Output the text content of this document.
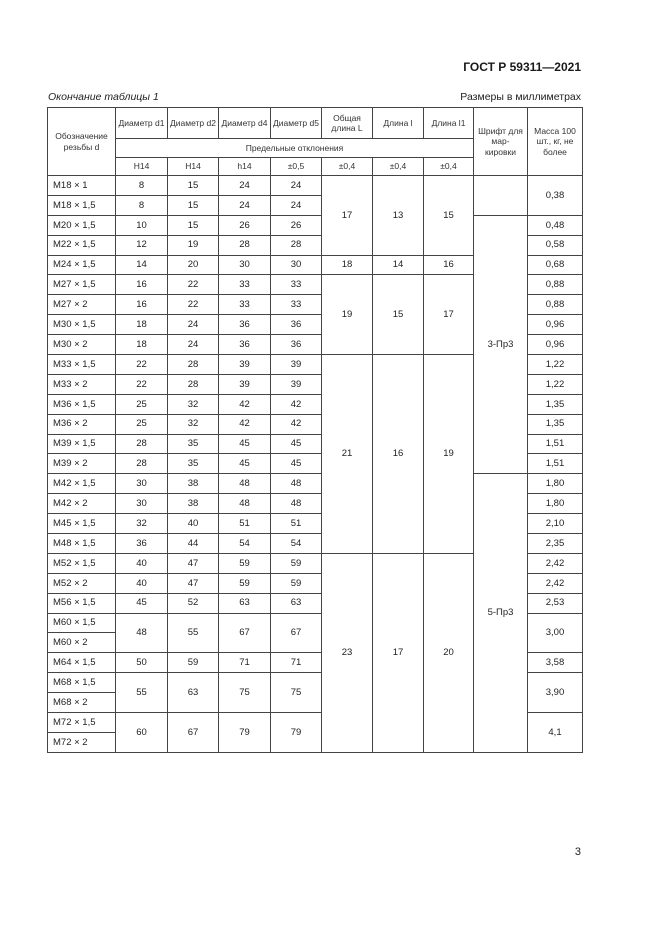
ГОСТ Р 59311—2021
Окончание таблицы 1	Размеры в миллиметрах
Обозначение резьбы d	Диаметр d1	Диаметр d2	Диаметр d4	Диаметр d5	Общая длина L	Длина l	Длина l1	Шрифт для мар-кировки	Масса 100 шт., кг, не более
	Предельные отклонения								
	H14	H14	h14	±0,5	±0,4	±0,4	±0,4		
М18 × 1	8	15	24	24	17	13	15		0,38
М18 × 1,5	8	15	24	24					
М20 × 1,5	10	15	26	26				3-Пр3	0,48
М22 × 1,5	12	19	28	28					0,58
М24 × 1,5	14	20	30	30	18	14	16		0,68
М27 × 1,5	16	22	33	33	19	15	17		0,88
М27 × 2	16	22	33	33					0,88
М30 × 1,5	18	24	36	36					0,96
М30 × 2	18	24	36	36					0,96
М33 × 1,5	22	28	39	39	21	16	19		1,22
М33 × 2	22	28	39	39					1,22
М36 × 1,5	25	32	42	42					1,35
М36 × 2	25	32	42	42					1,35
М39 × 1,5	28	35	45	45					1,51
М39 × 2	28	35	45	45					1,51
М42 × 1,5	30	38	48	48				5-Пр3	1,80
М42 × 2	30	38	48	48					1,80
М45 × 1,5	32	40	51	51					2,10
М48 × 1,5	36	44	54	54					2,35
М52 × 1,5	40	47	59	59	23	17	20		2,42
М52 × 2	40	47	59	59					2,42
М56 × 1,5	45	52	63	63					2,53
М60 × 1,5	48	55	67	67					3,00
М60 × 2									
М64 × 1,5	50	59	71	71					3,58
М68 × 1,5	55	63	75	75					3,90
М68 × 2									
М72 × 1,5	60	67	79	79					4,1
М72 × 2									
3
